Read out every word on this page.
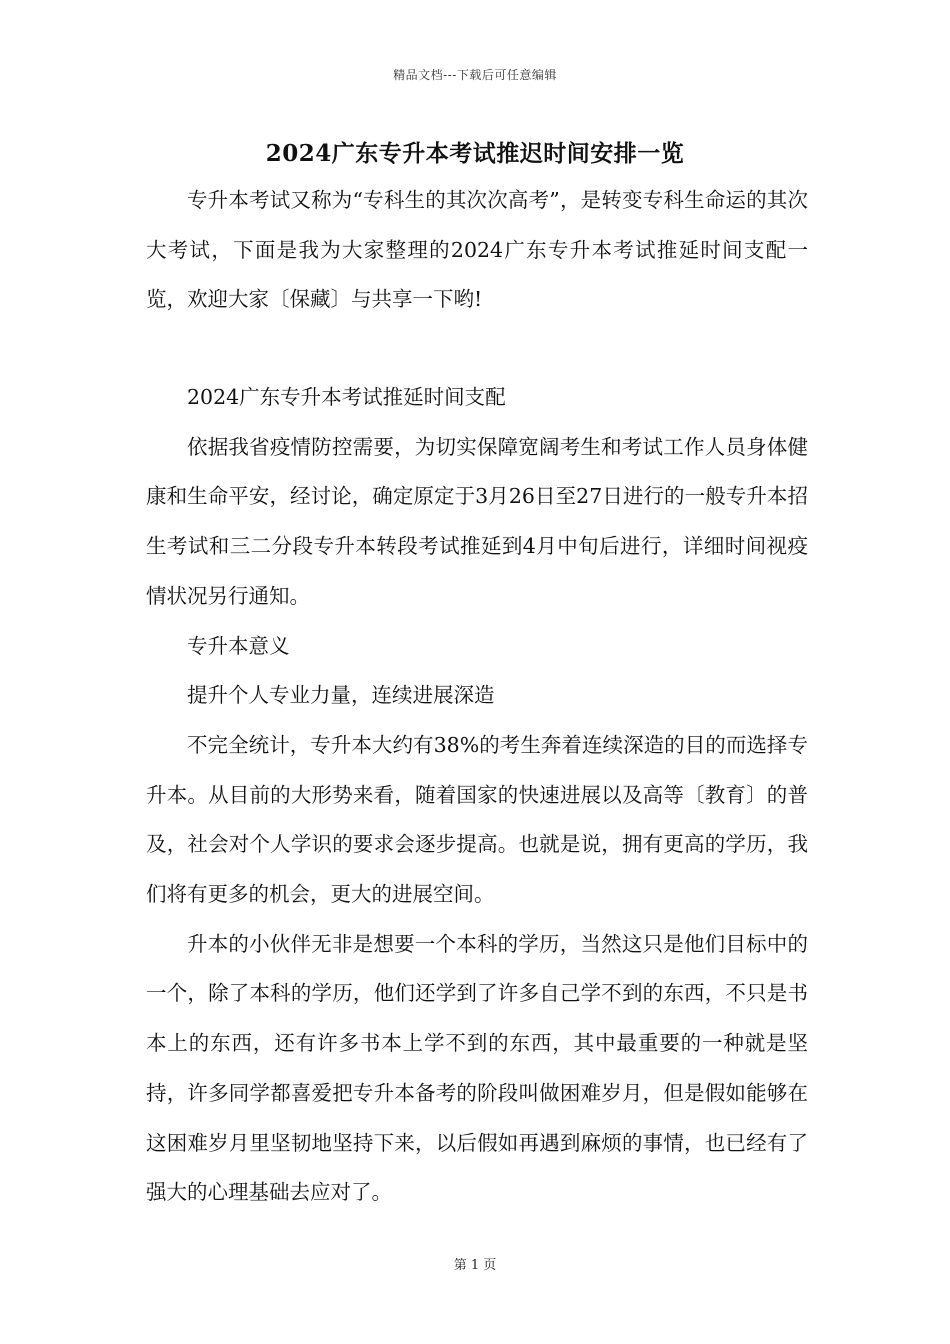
精品文档---下载后可任意编辑
2024广东专升本考试推迟时间安排一览

专升本考试又称为“专科生的其次次高考”，是转变专科生命运的其次大考试，下面是我为大家整理的2024广东专升本考试推延时间支配一览，欢迎大家〔保藏〕与共享一下哟!

2024广东专升本考试推延时间支配

依据我省疫情防控需要，为切实保障宽阔考生和考试工作人员身体健康和生命平安，经讨论，确定原定于3月26日至27日进行的一般专升本招生考试和三二分段专升本转段考试推延到4月中旬后进行，详细时间视疫情状况另行通知。

专升本意义

提升个人专业力量，连续进展深造

不完全统计，专升本大约有38%的考生奔着连续深造的目的而选择专升本。从目前的大形势来看，随着国家的快速进展以及高等〔教育〕的普及，社会对个人学识的要求会逐步提高。也就是说，拥有更高的学历，我们将有更多的机会，更大的进展空间。

升本的小伙伴无非是想要一个本科的学历，当然这只是他们目标中的一个，除了本科的学历，他们还学到了许多自己学不到的东西，不只是书本上的东西，还有许多书本上学不到的东西，其中最重要的一种就是坚持，许多同学都喜爱把专升本备考的阶段叫做困难岁月，但是假如能够在这困难岁月里坚韧地坚持下来，以后假如再遇到麻烦的事情，也已经有了强大的心理基础去应对了。

第 1 页
